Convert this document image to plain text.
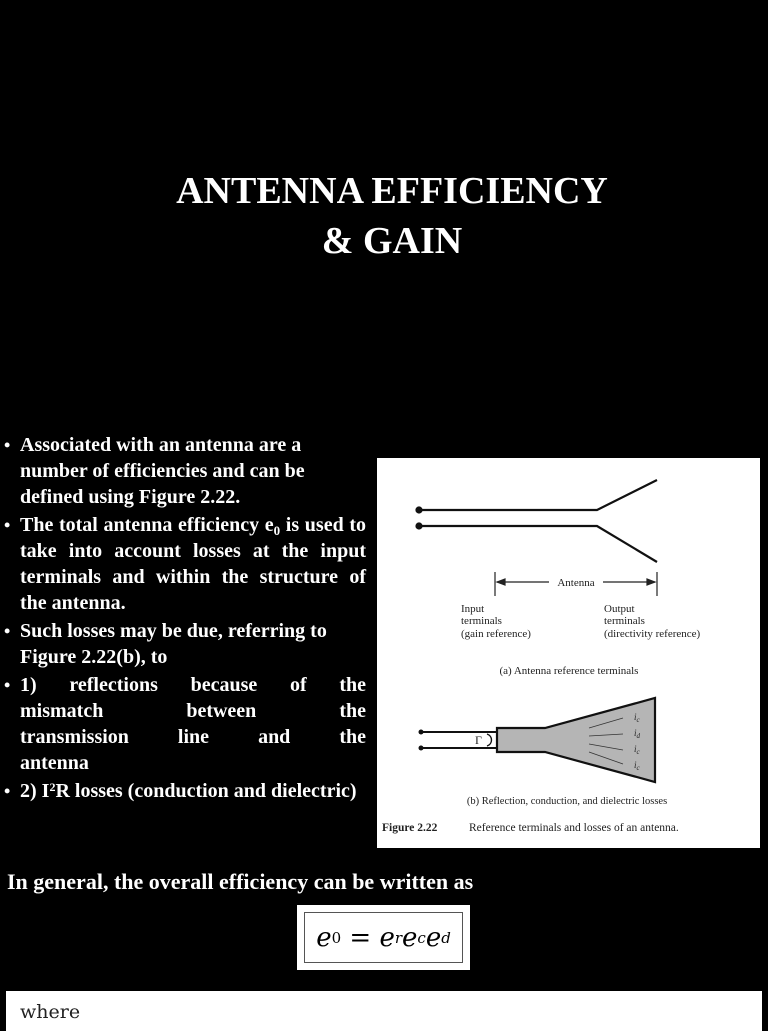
ANTENNA EFFICIENCY
& GAIN
• Associated with an antenna are a number of efficiencies and can be defined using Figure 2.22.
• The total antenna efficiency $e_0$ is used to take into account losses at the input terminals and within the structure of the antenna.
• Such losses may be due, referring to Figure 2.22(b), to
• 1) reflections because of the
mismatch	between	the
transmission line and the
antenna
• 2) $I^2R$ losses (conduction and dielectric)
Antenna
Input
terminals
(gain reference)
Output
terminals
(directivity reference)
(a) Antenna reference terminals
Γ
$i_c$
$i_d$
$i_c$
$i_c$
(b) Reflection, conduction, and dielectric losses
Figure 2.22	Reference terminals and losses of an antenna.
In general, the overall efficiency can be written as
e 0 = e r e c e d
where
